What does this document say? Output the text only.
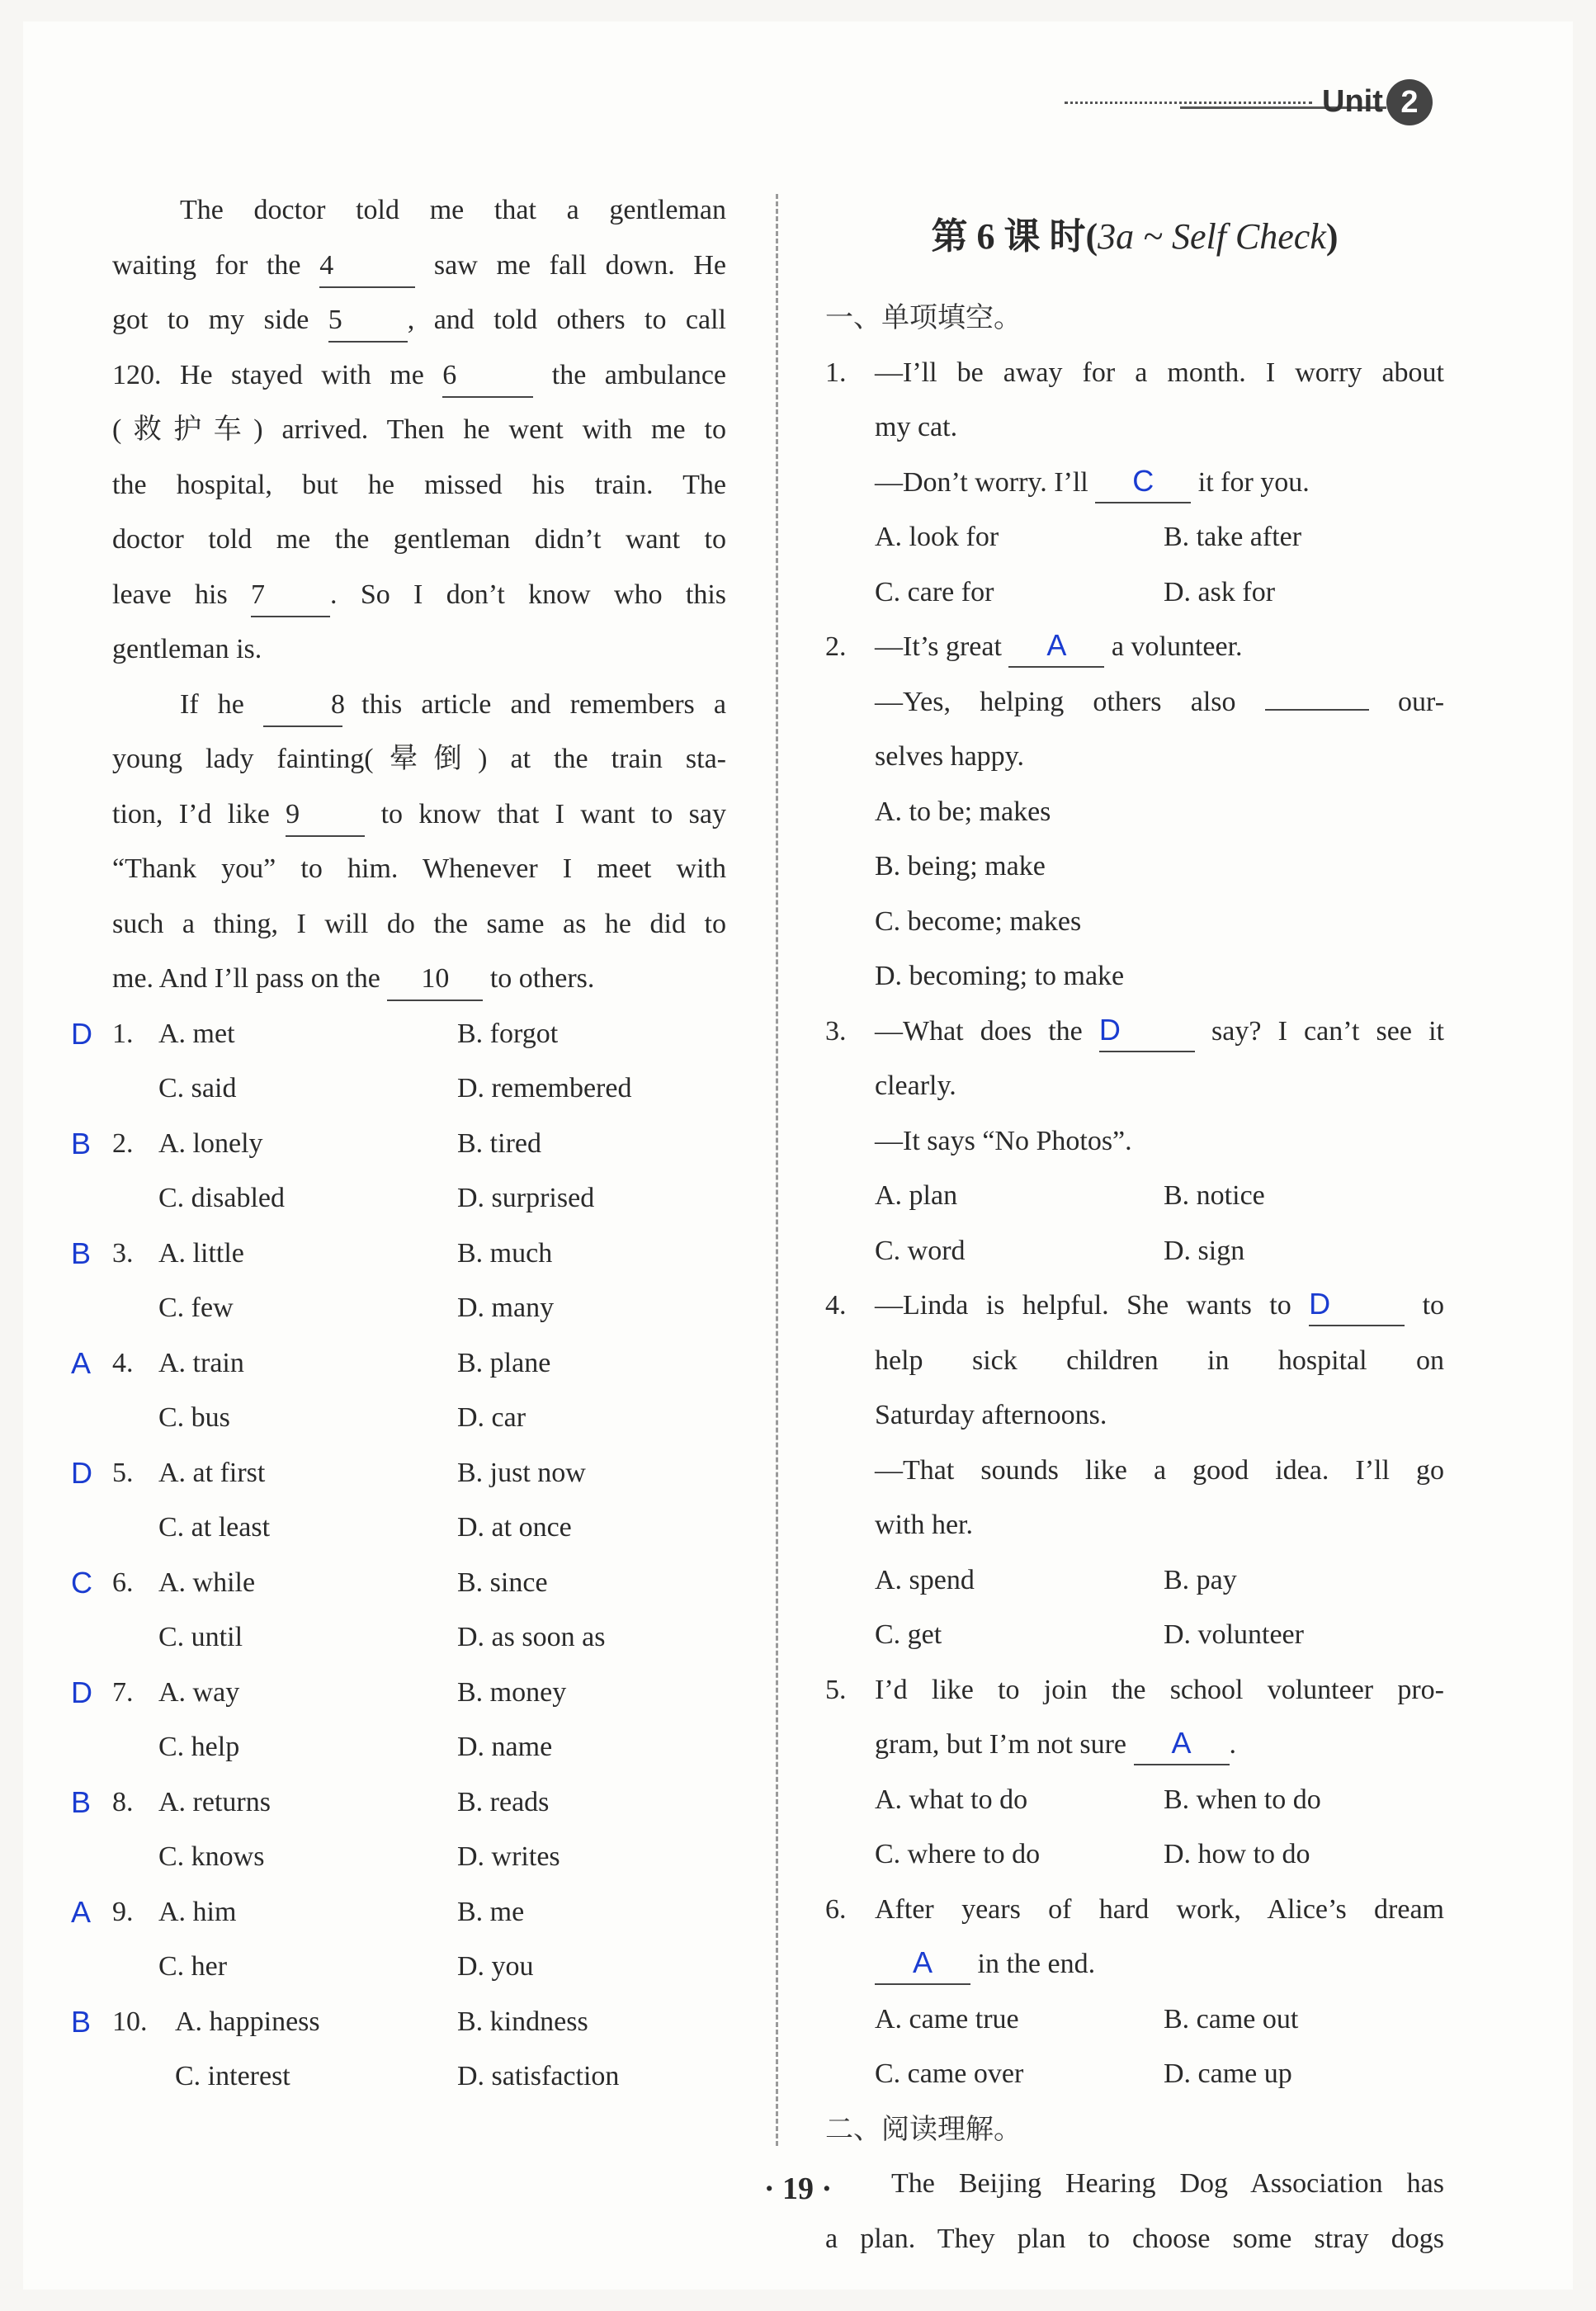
Unit 2

The doctor told me that a gentleman

waiting for the 4	saw me fall down. He

got to my side 5 , and told others to call

120. He stayed with me 6	the ambulance

(救护车) arrived. Then he went with me to

the hospital, but he missed his train. The

doctor told me the gentleman didn’t want to

leave his 7 . So I don’t know who this

gentleman is.

If he	8 this article and remembers a

young lady fainting(晕倒) at the train sta-

tion, I’d like 9	to know that I want to say

“Thank you” to him. Whenever I meet with

such a thing, I will do the same as he did to

me. And I’ll pass on the 10 to others.

D 1. A. met	B. forgot
C. said	D. remembered
B 2. A. lonely	B. tired
C. disabled	D. surprised
B 3. A. little	B. much
C. few	D. many
A 4. A. train	B. plane
C. bus	D. car
D 5. A. at first	B. just now
C. at least	D. at once
C 6. A. while	B. since
C. until	D. as soon as
D 7. A. way	B. money
C. help	D. name
B 8. A. returns	B. reads
C. knows	D. writes
A 9. A. him	B. me
C. her	D. you
B 10. A. happiness	B. kindness
C. interest	D. satisfaction
第 6 课 时(3a ~ Self Check)

一、单项填空。

1. —I’ll be away for a month. I worry about

my cat.

—Don’t worry. I’ll C it for you.

A. look for	B. take after
C. care for	D. ask for
2. —It’s great A a volunteer.

—Yes, helping others also	our-

selves happy.

A. to be; makes

B. being; make

C. become; makes

D. becoming; to make

3. —What does the D	say? I can’t see it

clearly.

—It says “No Photos”.

A. plan	B. notice
C. word	D. sign
4. —Linda is helpful. She wants to D	to

help sick children in hospital on

Saturday afternoons.

—That sounds like a good idea. I’ll go

with her.

A. spend	B. pay
C. get	D. volunteer
5. I’d like to join the school volunteer pro-

gram, but I’m not sure A .

A. what to do	B. when to do
C. where to do	D. how to do
6. After years of hard work, Alice’s dream

A in the end.

A. came true	B. came out
C. came over	D. came up

二、阅读理解。

The Beijing Hearing Dog Association has

a plan. They plan to choose some stray dogs

· 19 ·
